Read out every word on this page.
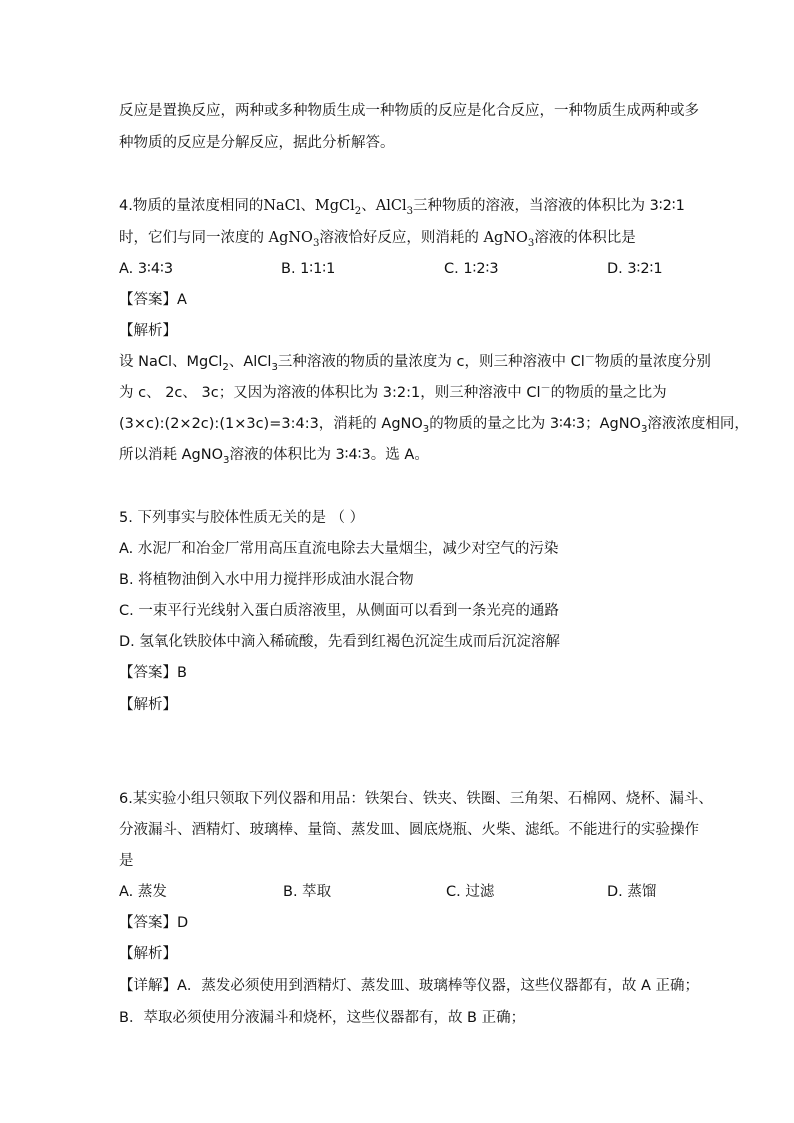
反应是置换反应，两种或多种物质生成一种物质的反应是化合反应，一种物质生成两种或多
种物质的反应是分解反应，据此分析解答。
4.物质的量浓度相同的NaCl、MgCl$_2$、AlCl$_3$三种物质的溶液，当溶液的体积比为 3∶2∶1
时，它们与同一浓度的 AgNO$_3$溶液恰好反应，则消耗的 AgNO$_3$溶液的体积比是
A. 3∶4∶3	B. 1∶1∶1	C. 1∶2∶3	D. 3∶2∶1
【答案】A
【解析】
设 NaCl、MgCl$_2$、AlCl$_3$三种溶液的物质的量浓度为 c，则三种溶液中 Cl－物质的量浓度分别
为 c、 2c、 3c；又因为溶液的体积比为 3:2:1，则三种溶液中 Cl－的物质的量之比为
(3×c):(2×2c):(1×3c)=3:4:3，消耗的 AgNO$_3$的物质的量之比为 3∶4∶3；AgNO$_3$溶液浓度相同，
所以消耗 AgNO$_3$溶液的体积比为 3∶4∶3。选 A。
5. 下列事实与胶体性质无关的是 （ ）
A. 水泥厂和冶金厂常用高压直流电除去大量烟尘，减少对空气的污染
B. 将植物油倒入水中用力搅拌形成油水混合物
C. 一束平行光线射入蛋白质溶液里，从侧面可以看到一条光亮的通路
D. 氢氧化铁胶体中滴入稀硫酸，先看到红褐色沉淀生成而后沉淀溶解
【答案】B
【解析】
6.某实验小组只领取下列仪器和用品：铁架台、铁夹、铁圈、三角架、石棉网、烧杯、漏斗、
分液漏斗、酒精灯、玻璃棒、量筒、蒸发皿、圆底烧瓶、火柴、滤纸。不能进行的实验操作
是
A. 蒸发	B. 萃取	C. 过滤	D. 蒸馏
【答案】D
【解析】
【详解】A．蒸发必须使用到酒精灯、蒸发皿、玻璃棒等仪器，这些仪器都有，故 A 正确；
B．萃取必须使用分液漏斗和烧杯，这些仪器都有，故 B 正确；
